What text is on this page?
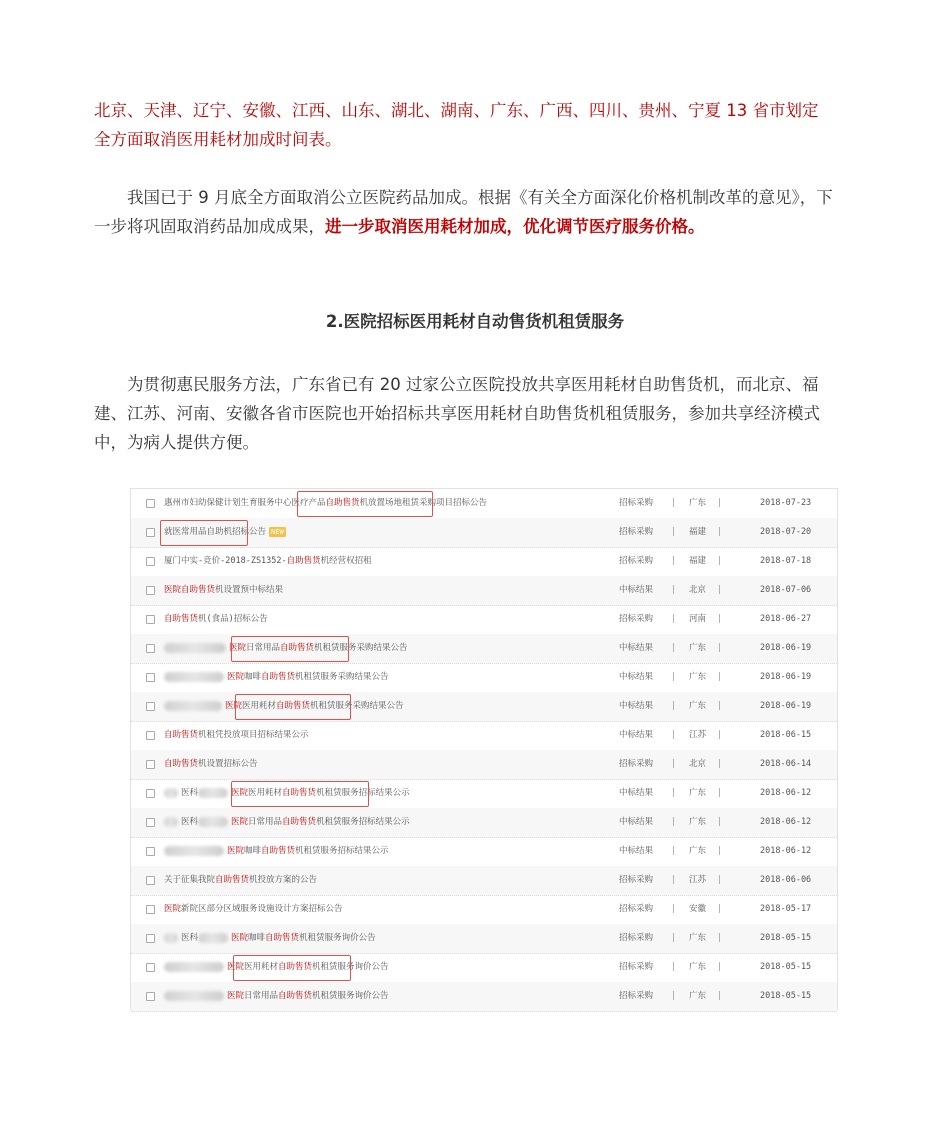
北京、天津、辽宁、安徽、江西、山东、湖北、湖南、广东、广西、四川、贵州、宁夏 13 省市划定全方面取消医用耗材加成时间表。

我国已于 9 月底全方面取消公立医院药品加成。根据《有关全方面深化价格机制改革的意见》，下一步将巩固取消药品加成成果，进一步取消医用耗材加成，优化调节医疗服务价格。

2.医院招标医用耗材自动售货机租赁服务

为贯彻惠民服务方法，广东省已有 20 过家公立医院投放共享医用耗材自助售货机，而北京、福建、江苏、河南、安徽各省市医院也开始招标共享医用耗材自助售货机租赁服务，参加共享经济模式中，为病人提供方便。

惠州市妇幼保健计划生育服务中心医疗产品自助售货机放置场地租赁采购项目招标公告	招标采购 | 广东 |	2018-07-23
就医常用品自助机招标公告 NEW	招标采购 | 福建 |	2018-07-20
厦门中实-竞价-2018-ZS1352-自助售货机经营权招租	招标采购 | 福建 |	2018-07-18
医院自助售货机设置预中标结果	中标结果 | 北京 |	2018-07-06
自助售货机(食品)招标公告	招标采购 | 河南 |	2018-06-27
医院日常用品自助售货机租赁服务采购结果公告	中标结果 | 广东 |	2018-06-19
医院咖啡自助售货机租赁服务采购结果公告	中标结果 | 广东 |	2018-06-19
医院医用耗材自助售货机租赁服务采购结果公告	中标结果 | 广东 |	2018-06-19
自助售货机租凭投放项目招标结果公示	中标结果 | 江苏 |	2018-06-15
自助售货机设置招标公告	招标采购 | 北京 |	2018-06-14
医科	医院医用耗材自助售货机租赁服务招标结果公示	中标结果 | 广东 |	2018-06-12
医科	医院日常用品自助售货机租赁服务招标结果公示	中标结果 | 广东 |	2018-06-12
医院咖啡自助售货机租赁服务招标结果公示	中标结果 | 广东 |	2018-06-12
关于征集我院自助售货机投放方案的公告	招标采购 | 江苏 |	2018-06-06
医院新院区部分区域服务设施设计方案招标公告	招标采购 | 安徽 |	2018-05-17
医科	医院咖啡自助售货机租赁服务询价公告	招标采购 | 广东 |	2018-05-15
医院医用耗材自助售货机租赁服务询价公告	招标采购 | 广东 |	2018-05-15
医院日常用品自助售货机租赁服务询价公告	招标采购 | 广东 |	2018-05-15
